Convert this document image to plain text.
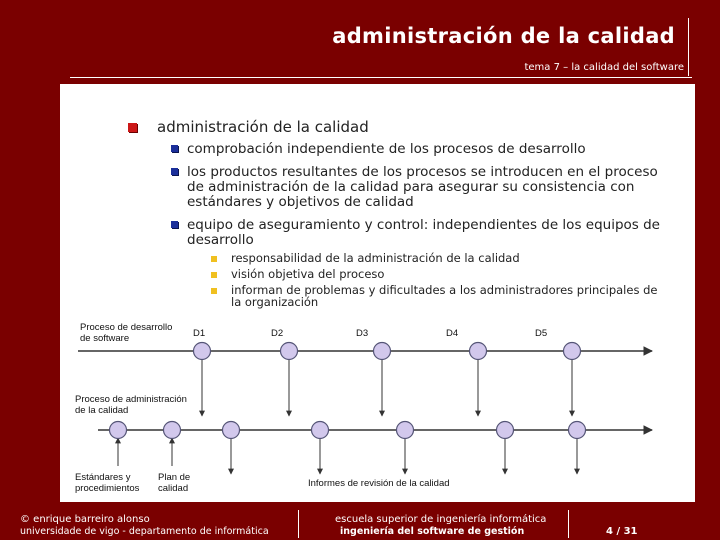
administración de la calidad
tema 7 – la calidad del software
administración de la calidad
comprobación independiente de los procesos de desarrollo
los productos resultantes de los procesos se introducen en el proceso
de administración de la calidad para asegurar su consistencia con
estándares y objetivos de calidad
equipo de aseguramiento y control: independientes de los equipos de
desarrollo
responsabilidad de la administración de la calidad
visión objetiva del proceso
informan de problemas y dificultades a los administradores principales de
la organización
Proceso de desarrollo
de software	D1	D2	D3	D4	D5
Proceso de administración
de la calidad
Estándares y
procedimientos
Plan de
calidad	Informes de revisión de la calidad
© enrique barreiro alonso
universidade de vigo - departamento de informática
escuela superior de ingeniería informática
ingeniería del software de gestión	4 / 31
